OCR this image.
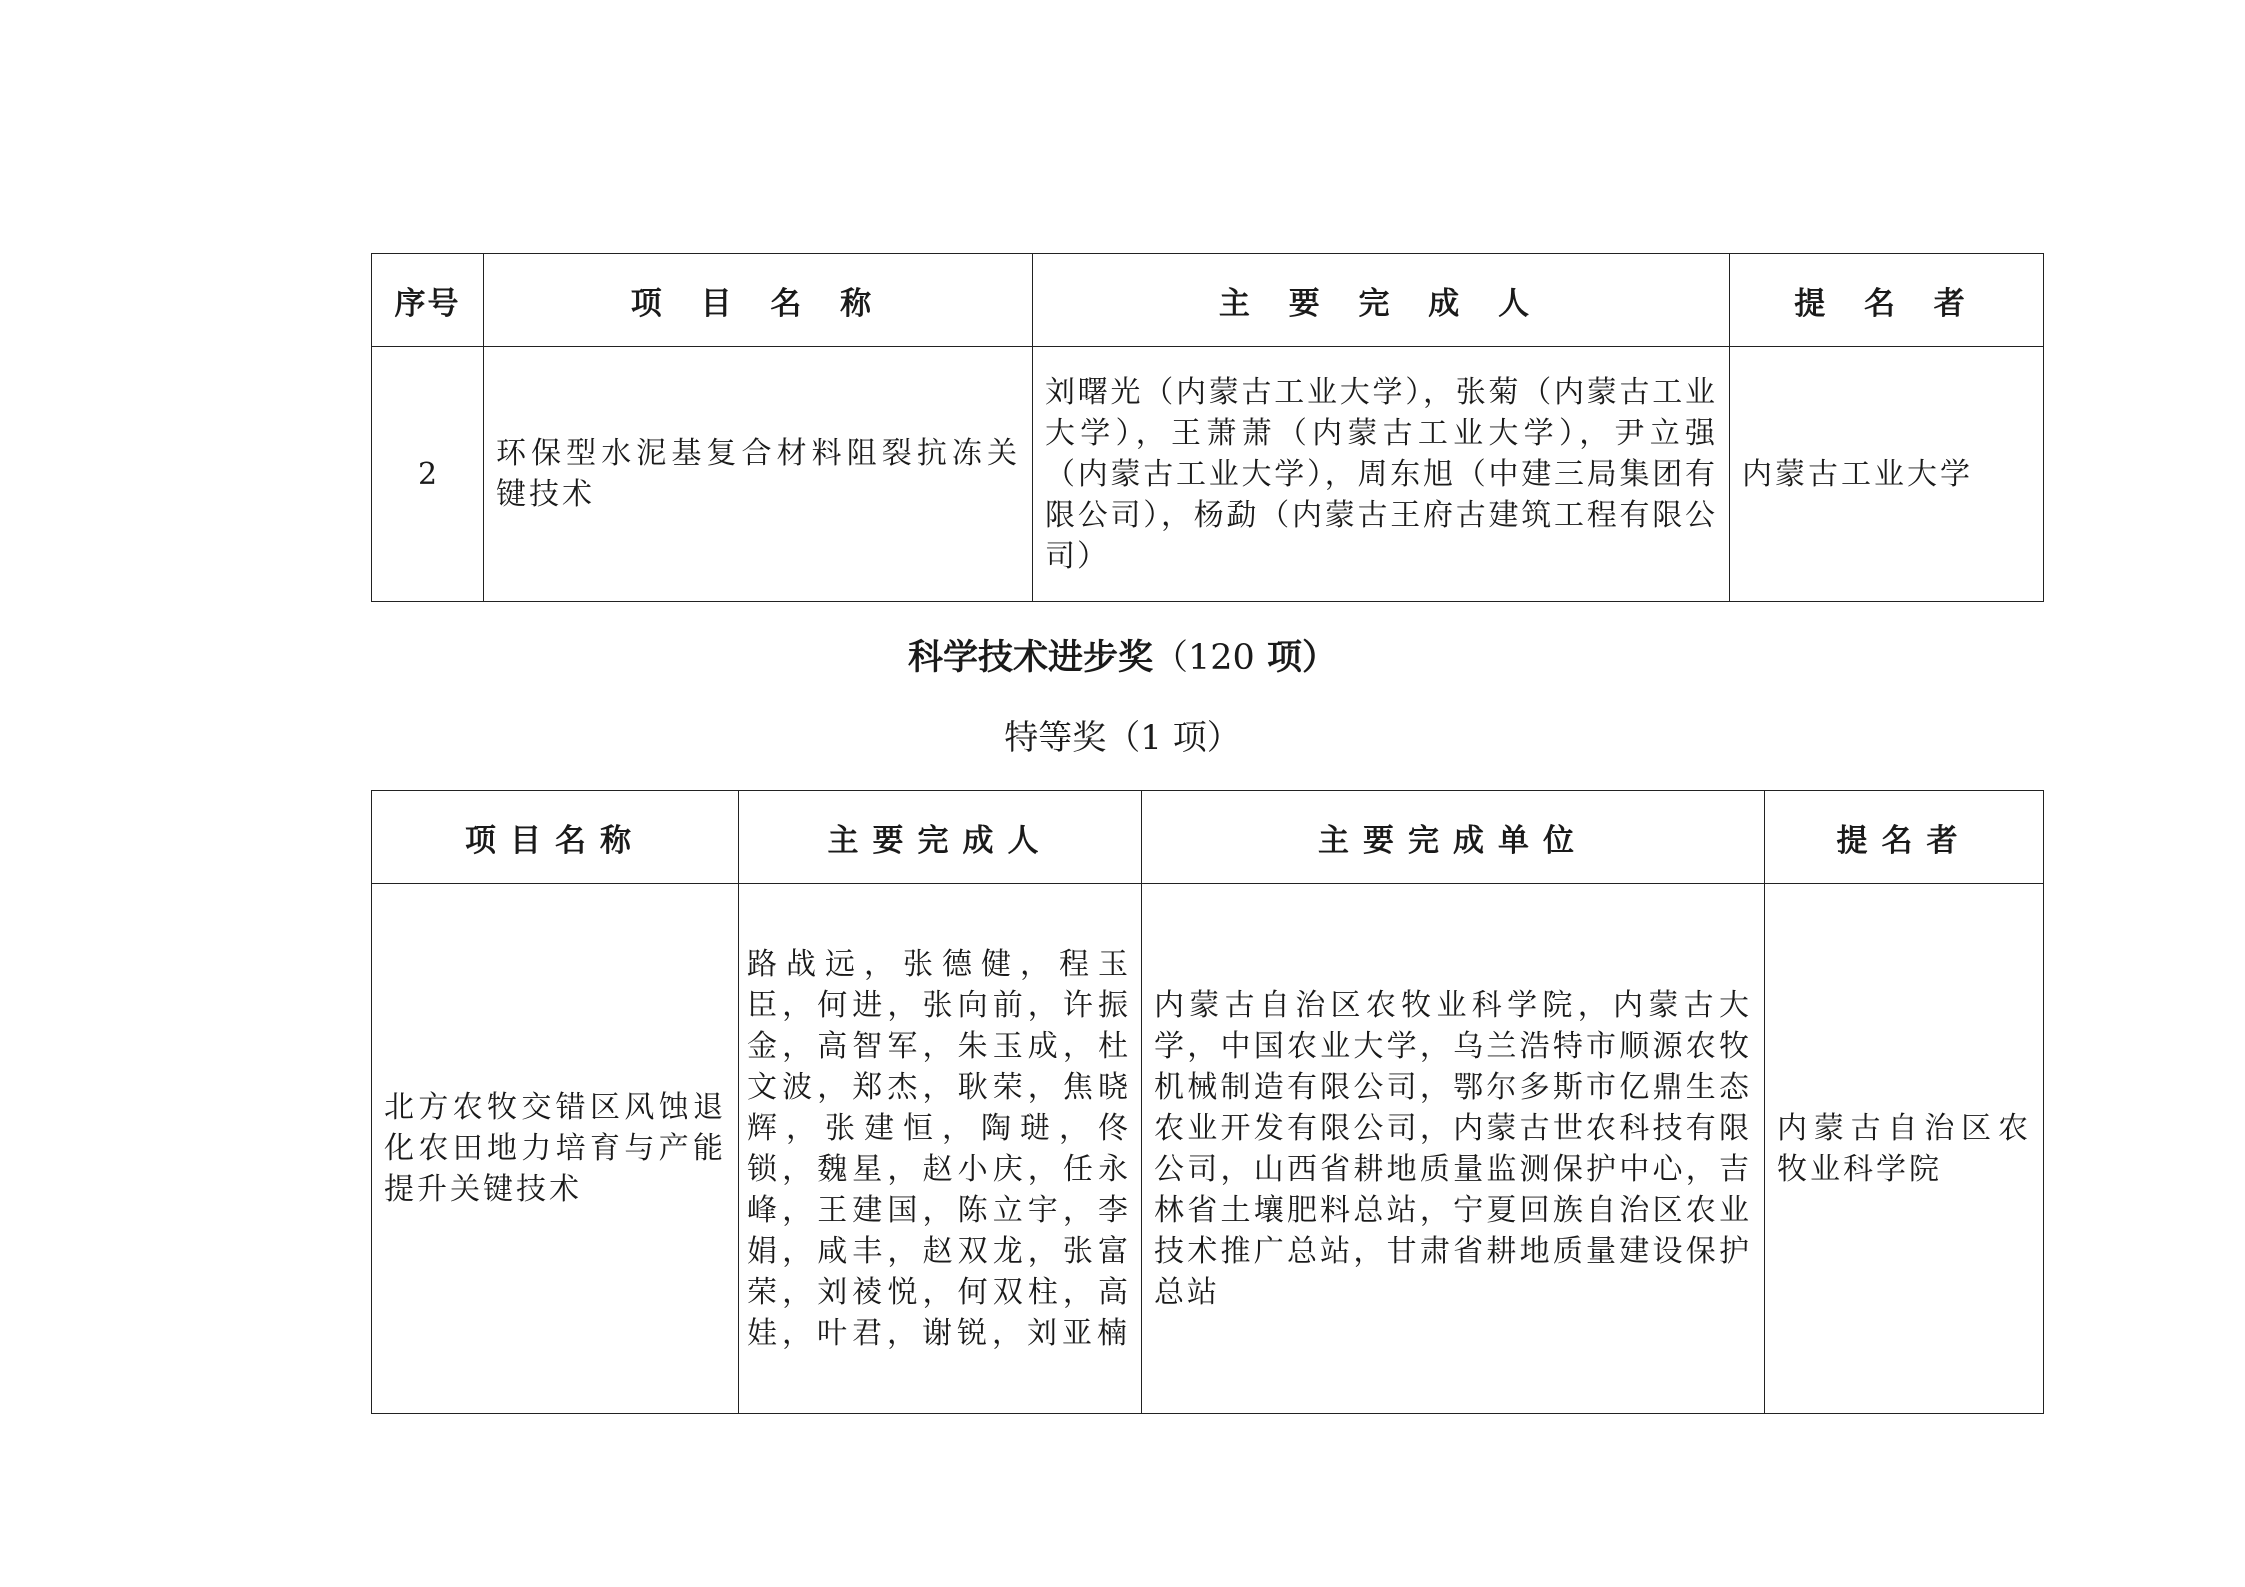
序号	项 目 名 称	主 要 完 成 人	提 名 者
2	环保型水泥基复合材料阻裂抗冻关键技术	刘曙光（内蒙古工业大学），张菊（内蒙古工业大学），王萧萧（内蒙古工业大学），尹立强（内蒙古工业大学），周东旭（中建三局集团有限公司），杨勐（内蒙古王府古建筑工程有限公司）	内蒙古工业大学
科学技术进步奖（120 项）
特等奖（1 项）
项目名称	主要完成人	主要完成单位	提名者
北方农牧交错区风蚀退化农田地力培育与产能提升关键技术	路战远，张德健，程玉臣，何进，张向前，许振金，高智军，朱玉成，杜文波，郑杰，耿荣，焦晓辉，张建恒，陶琎，佟锁，魏星，赵小庆，任永峰，王建国，陈立宇，李娟，咸丰，赵双龙，张富荣，刘祾悦，何双柱，高娃，叶君，谢锐，刘亚楠	内蒙古自治区农牧业科学院，内蒙古大学，中国农业大学，乌兰浩特市顺源农牧机械制造有限公司，鄂尔多斯市亿鼎生态农业开发有限公司，内蒙古世农科技有限公司，山西省耕地质量监测保护中心，吉林省土壤肥料总站，宁夏回族自治区农业技术推广总站，甘肃省耕地质量建设保护总站	内蒙古自治区农牧业科学院
